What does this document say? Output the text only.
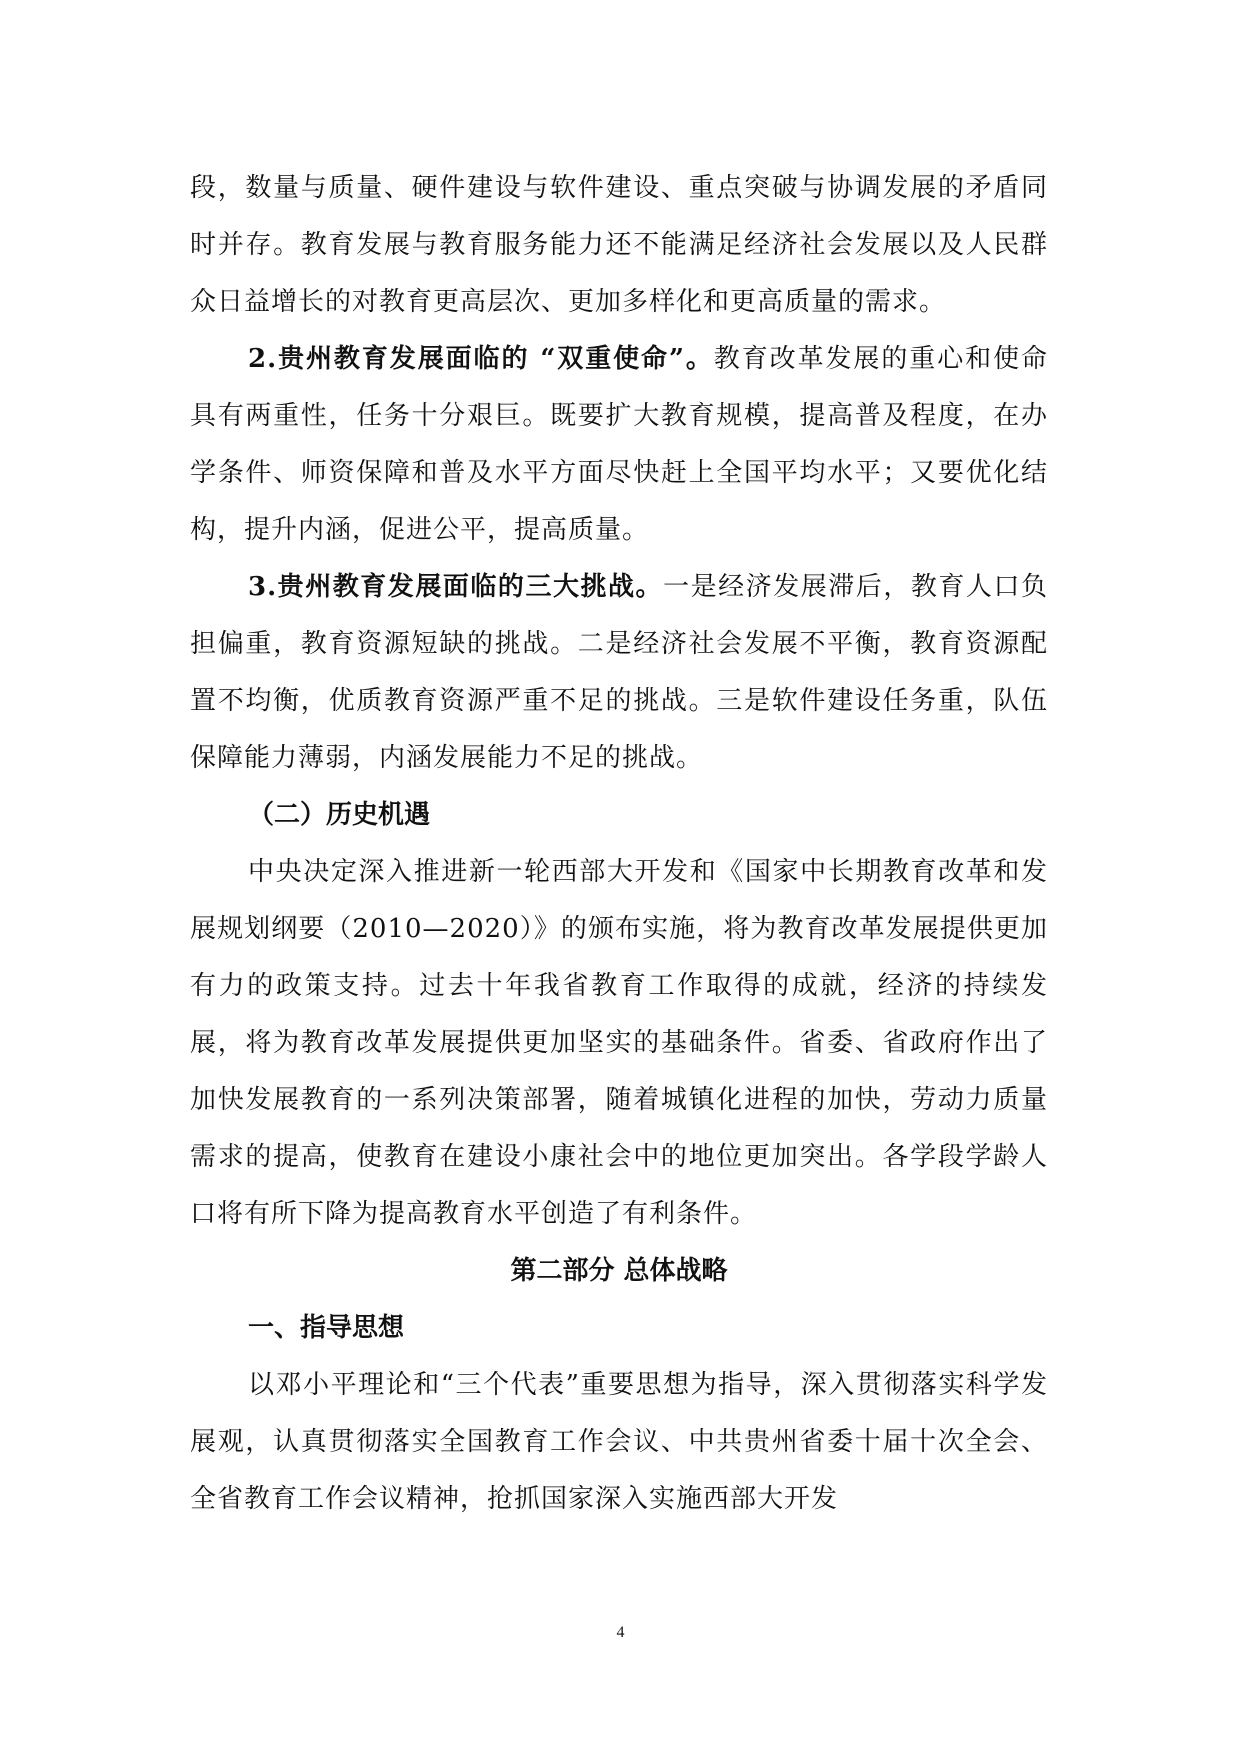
段，数量与质量、硬件建设与软件建设、重点突破与协调发展的矛盾同时并存。教育发展与教育服务能力还不能满足经济社会发展以及人民群众日益增长的对教育更高层次、更加多样化和更高质量的需求。

2.贵州教育发展面临的 “双重使命”。教育改革发展的重心和使命具有两重性，任务十分艰巨。既要扩大教育规模，提高普及程度，在办学条件、师资保障和普及水平方面尽快赶上全国平均水平；又要优化结构，提升内涵，促进公平，提高质量。

3.贵州教育发展面临的三大挑战。一是经济发展滞后，教育人口负担偏重，教育资源短缺的挑战。二是经济社会发展不平衡，教育资源配置不均衡，优质教育资源严重不足的挑战。三是软件建设任务重，队伍保障能力薄弱，内涵发展能力不足的挑战。

（二）历史机遇

中央决定深入推进新一轮西部大开发和《国家中长期教育改革和发展规划纲要（2010—2020）》的颁布实施，将为教育改革发展提供更加有力的政策支持。过去十年我省教育工作取得的成就，经济的持续发展，将为教育改革发展提供更加坚实的基础条件。省委、省政府作出了加快发展教育的一系列决策部署，随着城镇化进程的加快，劳动力质量需求的提高，使教育在建设小康社会中的地位更加突出。各学段学龄人口将有所下降为提高教育水平创造了有利条件。

第二部分 总体战略

一、指导思想

以邓小平理论和“三个代表”重要思想为指导，深入贯彻落实科学发展观，认真贯彻落实全国教育工作会议、中共贵州省委十届十次全会、全省教育工作会议精神，抢抓国家深入实施西部大开发

4
